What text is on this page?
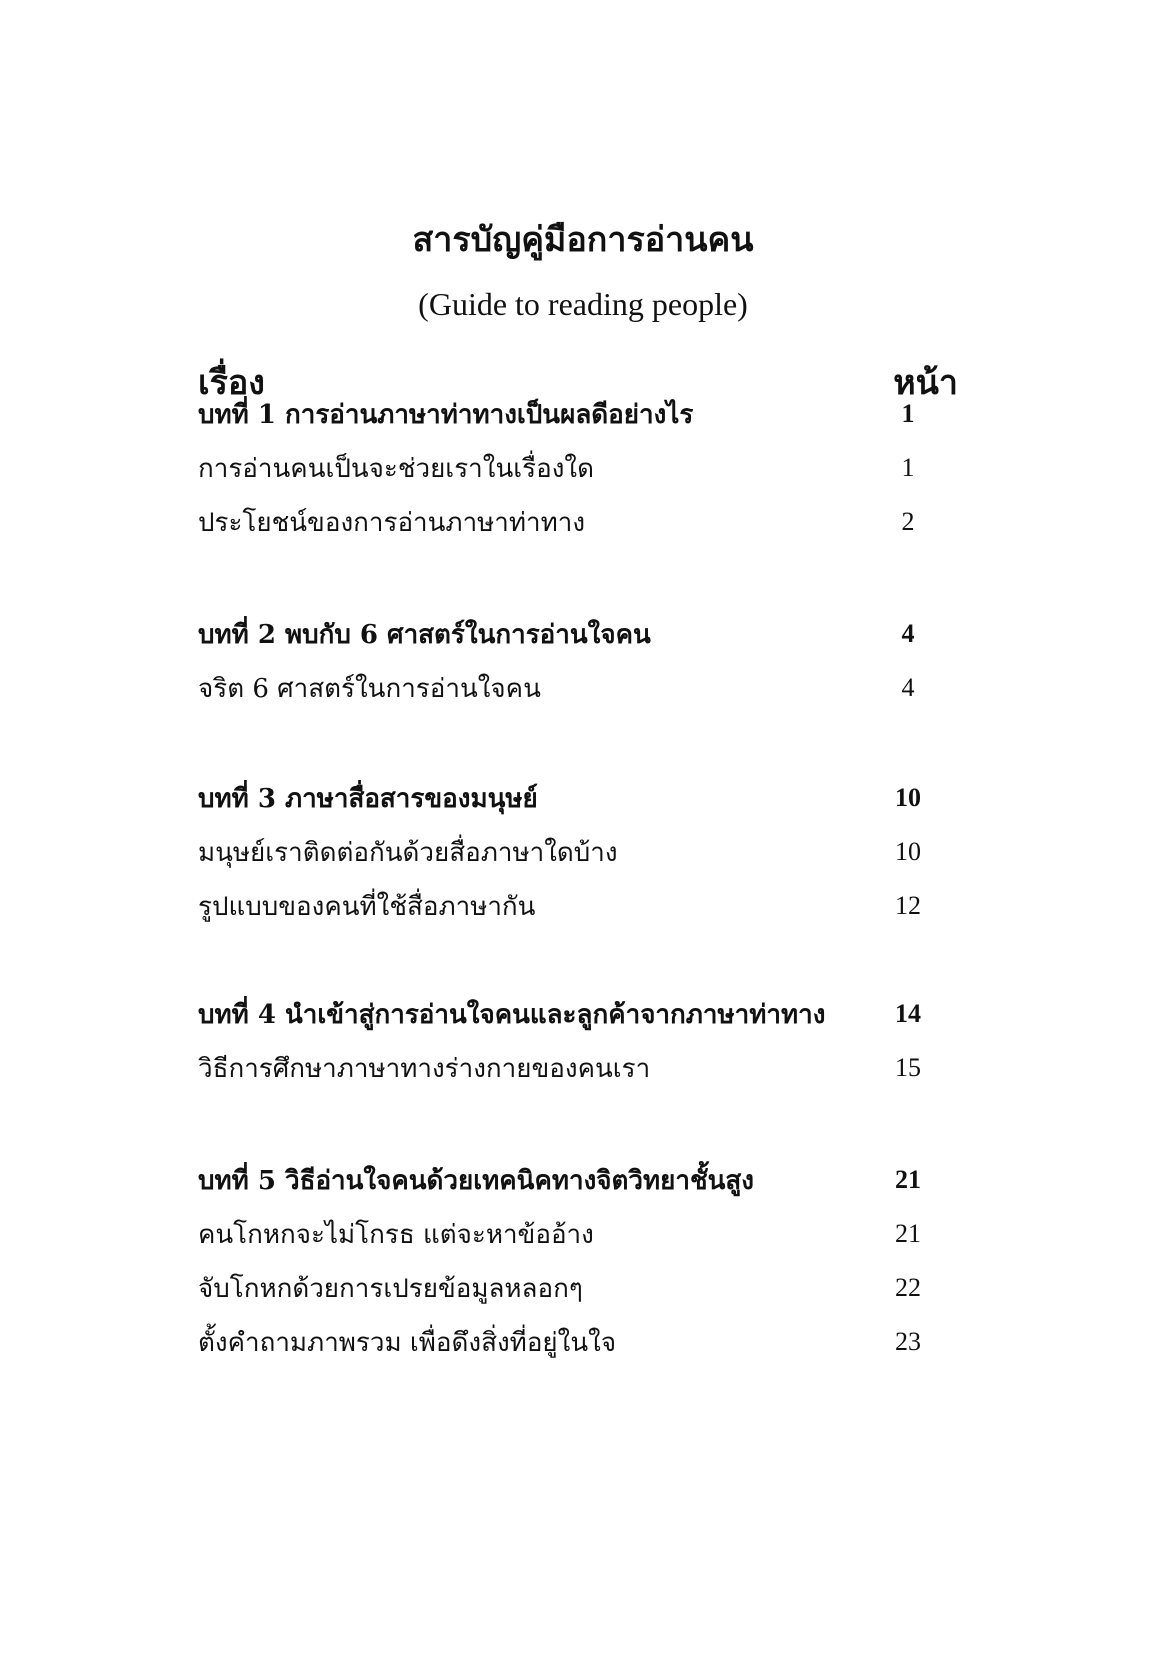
สารบัญคู่มือการอ่านคน
(Guide to reading people)
เรื่อง	หน้า
บทที่ 1 การอ่านภาษาท่าทางเป็นผลดีอย่างไร	1
การอ่านคนเป็นจะช่วยเราในเรื่องใด	1
ประโยชน์ของการอ่านภาษาท่าทาง	2
บทที่ 2 พบกับ 6 ศาสตร์ในการอ่านใจคน	4
จริต 6 ศาสตร์ในการอ่านใจคน	4
บทที่ 3 ภาษาสื่อสารของมนุษย์	10
มนุษย์เราติดต่อกันด้วยสื่อภาษาใดบ้าง	10
รูปแบบของคนที่ใช้สื่อภาษากัน	12
บทที่ 4 นำเข้าสู่การอ่านใจคนและลูกค้าจากภาษาท่าทาง	14
วิธีการศึกษาภาษาทางร่างกายของคนเรา	15
บทที่ 5 วิธีอ่านใจคนด้วยเทคนิคทางจิตวิทยาชั้นสูง	21
คนโกหกจะไม่โกรธ แต่จะหาข้ออ้าง	21
จับโกหกด้วยการเปรยข้อมูลหลอกๆ	22
ตั้งคำถามภาพรวม เพื่อดึงสิ่งที่อยู่ในใจ	23
